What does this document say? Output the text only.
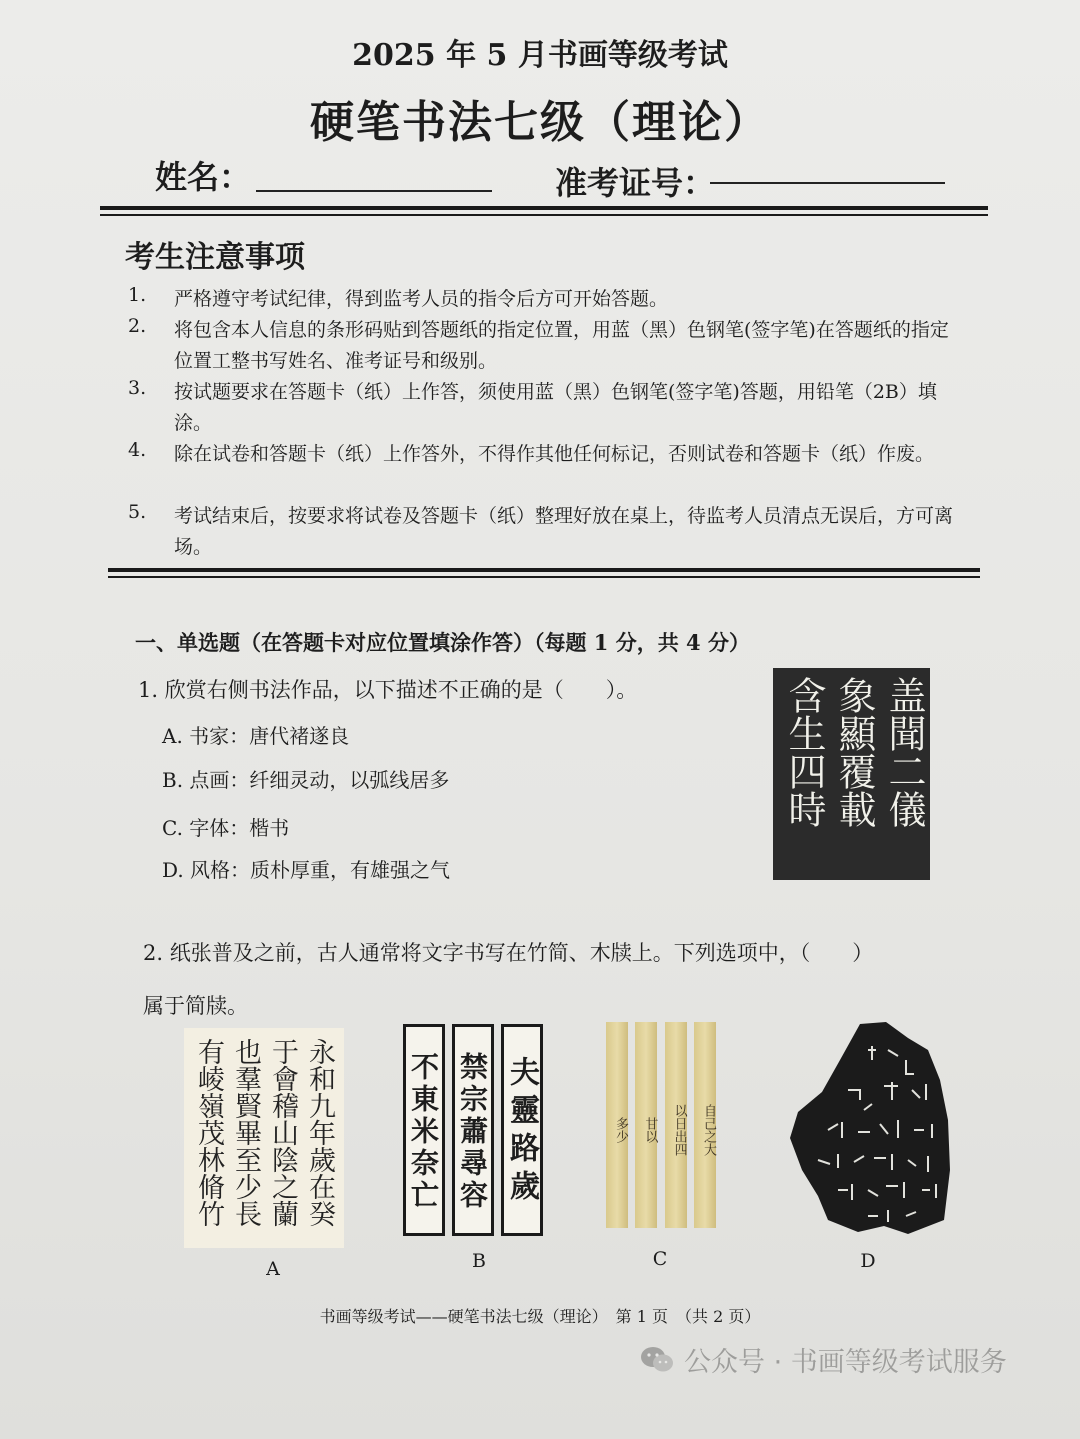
2025 年 5 月书画等级考试
硬笔书法七级（理论）
姓名：	准考证号：
考生注意事项
1.	严格遵守考试纪律，得到监考人员的指令后方可开始答题。
2.	将包含本人信息的条形码贴到答题纸的指定位置，用蓝（黑）色钢笔(签字笔)在答题纸的指定位置工整书写姓名、准考证号和级别。
3.	按试题要求在答题卡（纸）上作答，须使用蓝（黑）色钢笔(签字笔)答题，用铅笔（2B）填涂。
4.	除在试卷和答题卡（纸）上作答外，不得作其他任何标记，否则试卷和答题卡（纸）作废。
5.	考试结束后，按要求将试卷及答题卡（纸）整理好放在桌上，待监考人员清点无误后，方可离场。
一、单选题（在答题卡对应位置填涂作答）（每题 1 分，共 4 分）
1. 欣赏右侧书法作品，以下描述不正确的是（　　）。
A. 书家：唐代褚遂良
B. 点画：纤细灵动，以弧线居多
C. 字体：楷书
D. 风格：质朴厚重，有雄强之气
盖聞二儀
象顯覆載
含生四時
2. 纸张普及之前，古人通常将文字书写在竹简、木牍上。下列选项中，（　　）
属于简牍。
永和九年歲在癸
于會稽山陰之蘭
也羣賢畢至少長
有崚嶺茂林脩竹	夫靈路歲
禁宗蕭尋容
不東米奈亡	多少	甘以	以日出四	自己之大
A	B	C	D
书画等级考试——硬笔书法七级（理论）　第 1 页　（共 2 页）
公众号 · 书画等级考试服务
